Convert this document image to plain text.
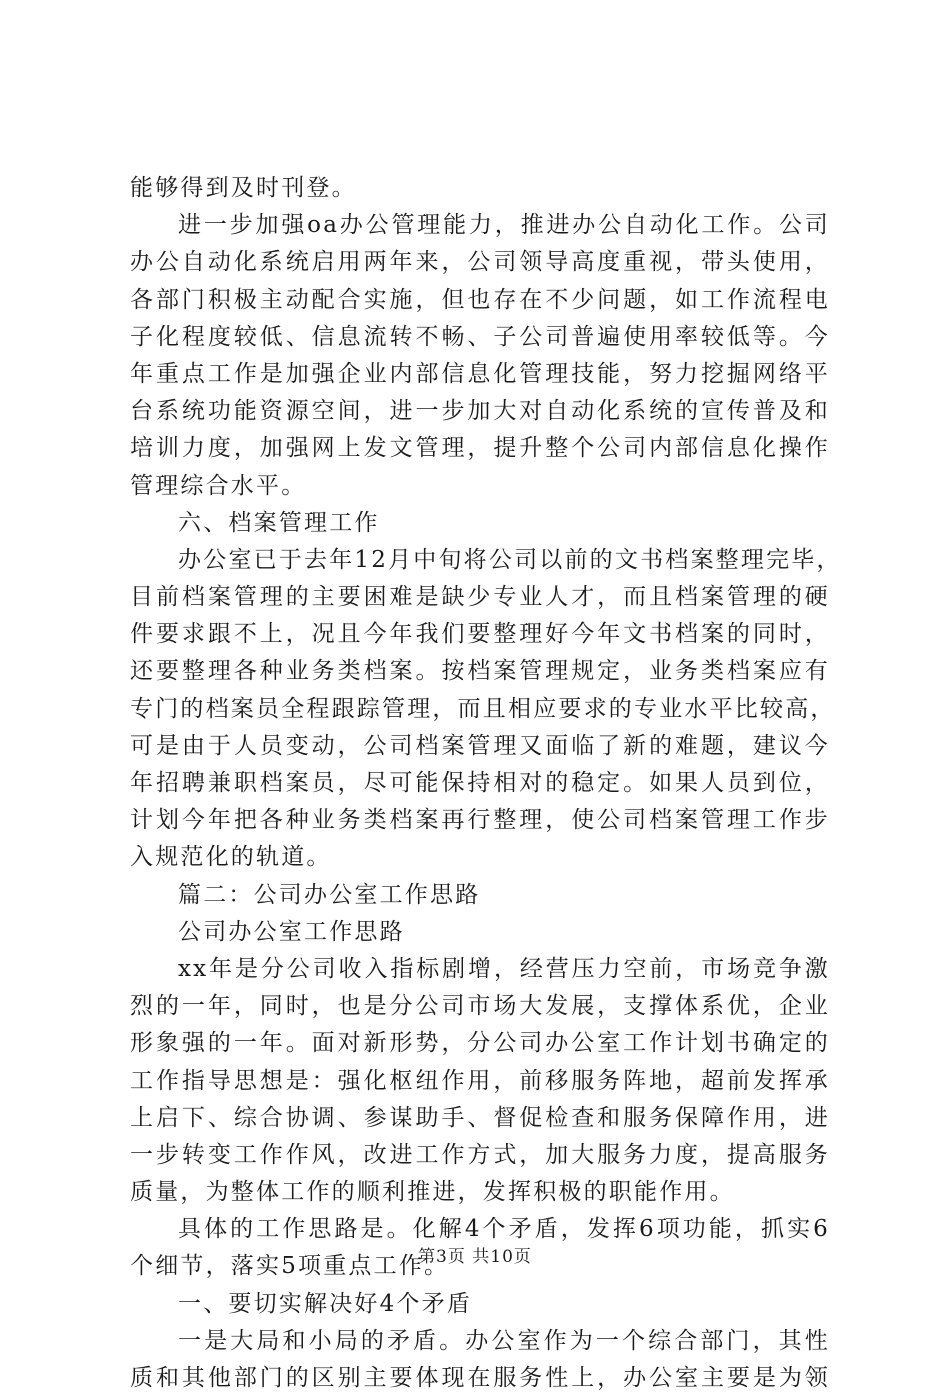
能够得到及时刊登。
进一步加强oa办公管理能力，推进办公自动化工作。公司
办公自动化系统启用两年来，公司领导高度重视，带头使用，
各部门积极主动配合实施，但也存在不少问题，如工作流程电
子化程度较低、信息流转不畅、子公司普遍使用率较低等。今
年重点工作是加强企业内部信息化管理技能，努力挖掘网络平
台系统功能资源空间，进一步加大对自动化系统的宣传普及和
培训力度，加强网上发文管理，提升整个公司内部信息化操作
管理综合水平。
六、档案管理工作
办公室已于去年12月中旬将公司以前的文书档案整理完毕，
目前档案管理的主要困难是缺少专业人才，而且档案管理的硬
件要求跟不上，况且今年我们要整理好今年文书档案的同时，
还要整理各种业务类档案。按档案管理规定，业务类档案应有
专门的档案员全程跟踪管理，而且相应要求的专业水平比较高，
可是由于人员变动，公司档案管理又面临了新的难题，建议今
年招聘兼职档案员，尽可能保持相对的稳定。如果人员到位，
计划今年把各种业务类档案再行整理，使公司档案管理工作步
入规范化的轨道。
篇二：公司办公室工作思路
公司办公室工作思路
xx年是分公司收入指标剧增，经营压力空前，市场竞争激
烈的一年，同时，也是分公司市场大发展，支撑体系优，企业
形象强的一年。面对新形势，分公司办公室工作计划书确定的
工作指导思想是：强化枢纽作用，前移服务阵地，超前发挥承
上启下、综合协调、参谋助手、督促检查和服务保障作用，进
一步转变工作作风，改进工作方式，加大服务力度，提高服务
质量，为整体工作的顺利推进，发挥积极的职能作用。
具体的工作思路是。化解4个矛盾，发挥6项功能，抓实6
个细节，落实5项重点工作。
一、要切实解决好4个矛盾
一是大局和小局的矛盾。办公室作为一个综合部门，其性
质和其他部门的区别主要体现在服务性上，办公室主要是为领
第3页 共10页
